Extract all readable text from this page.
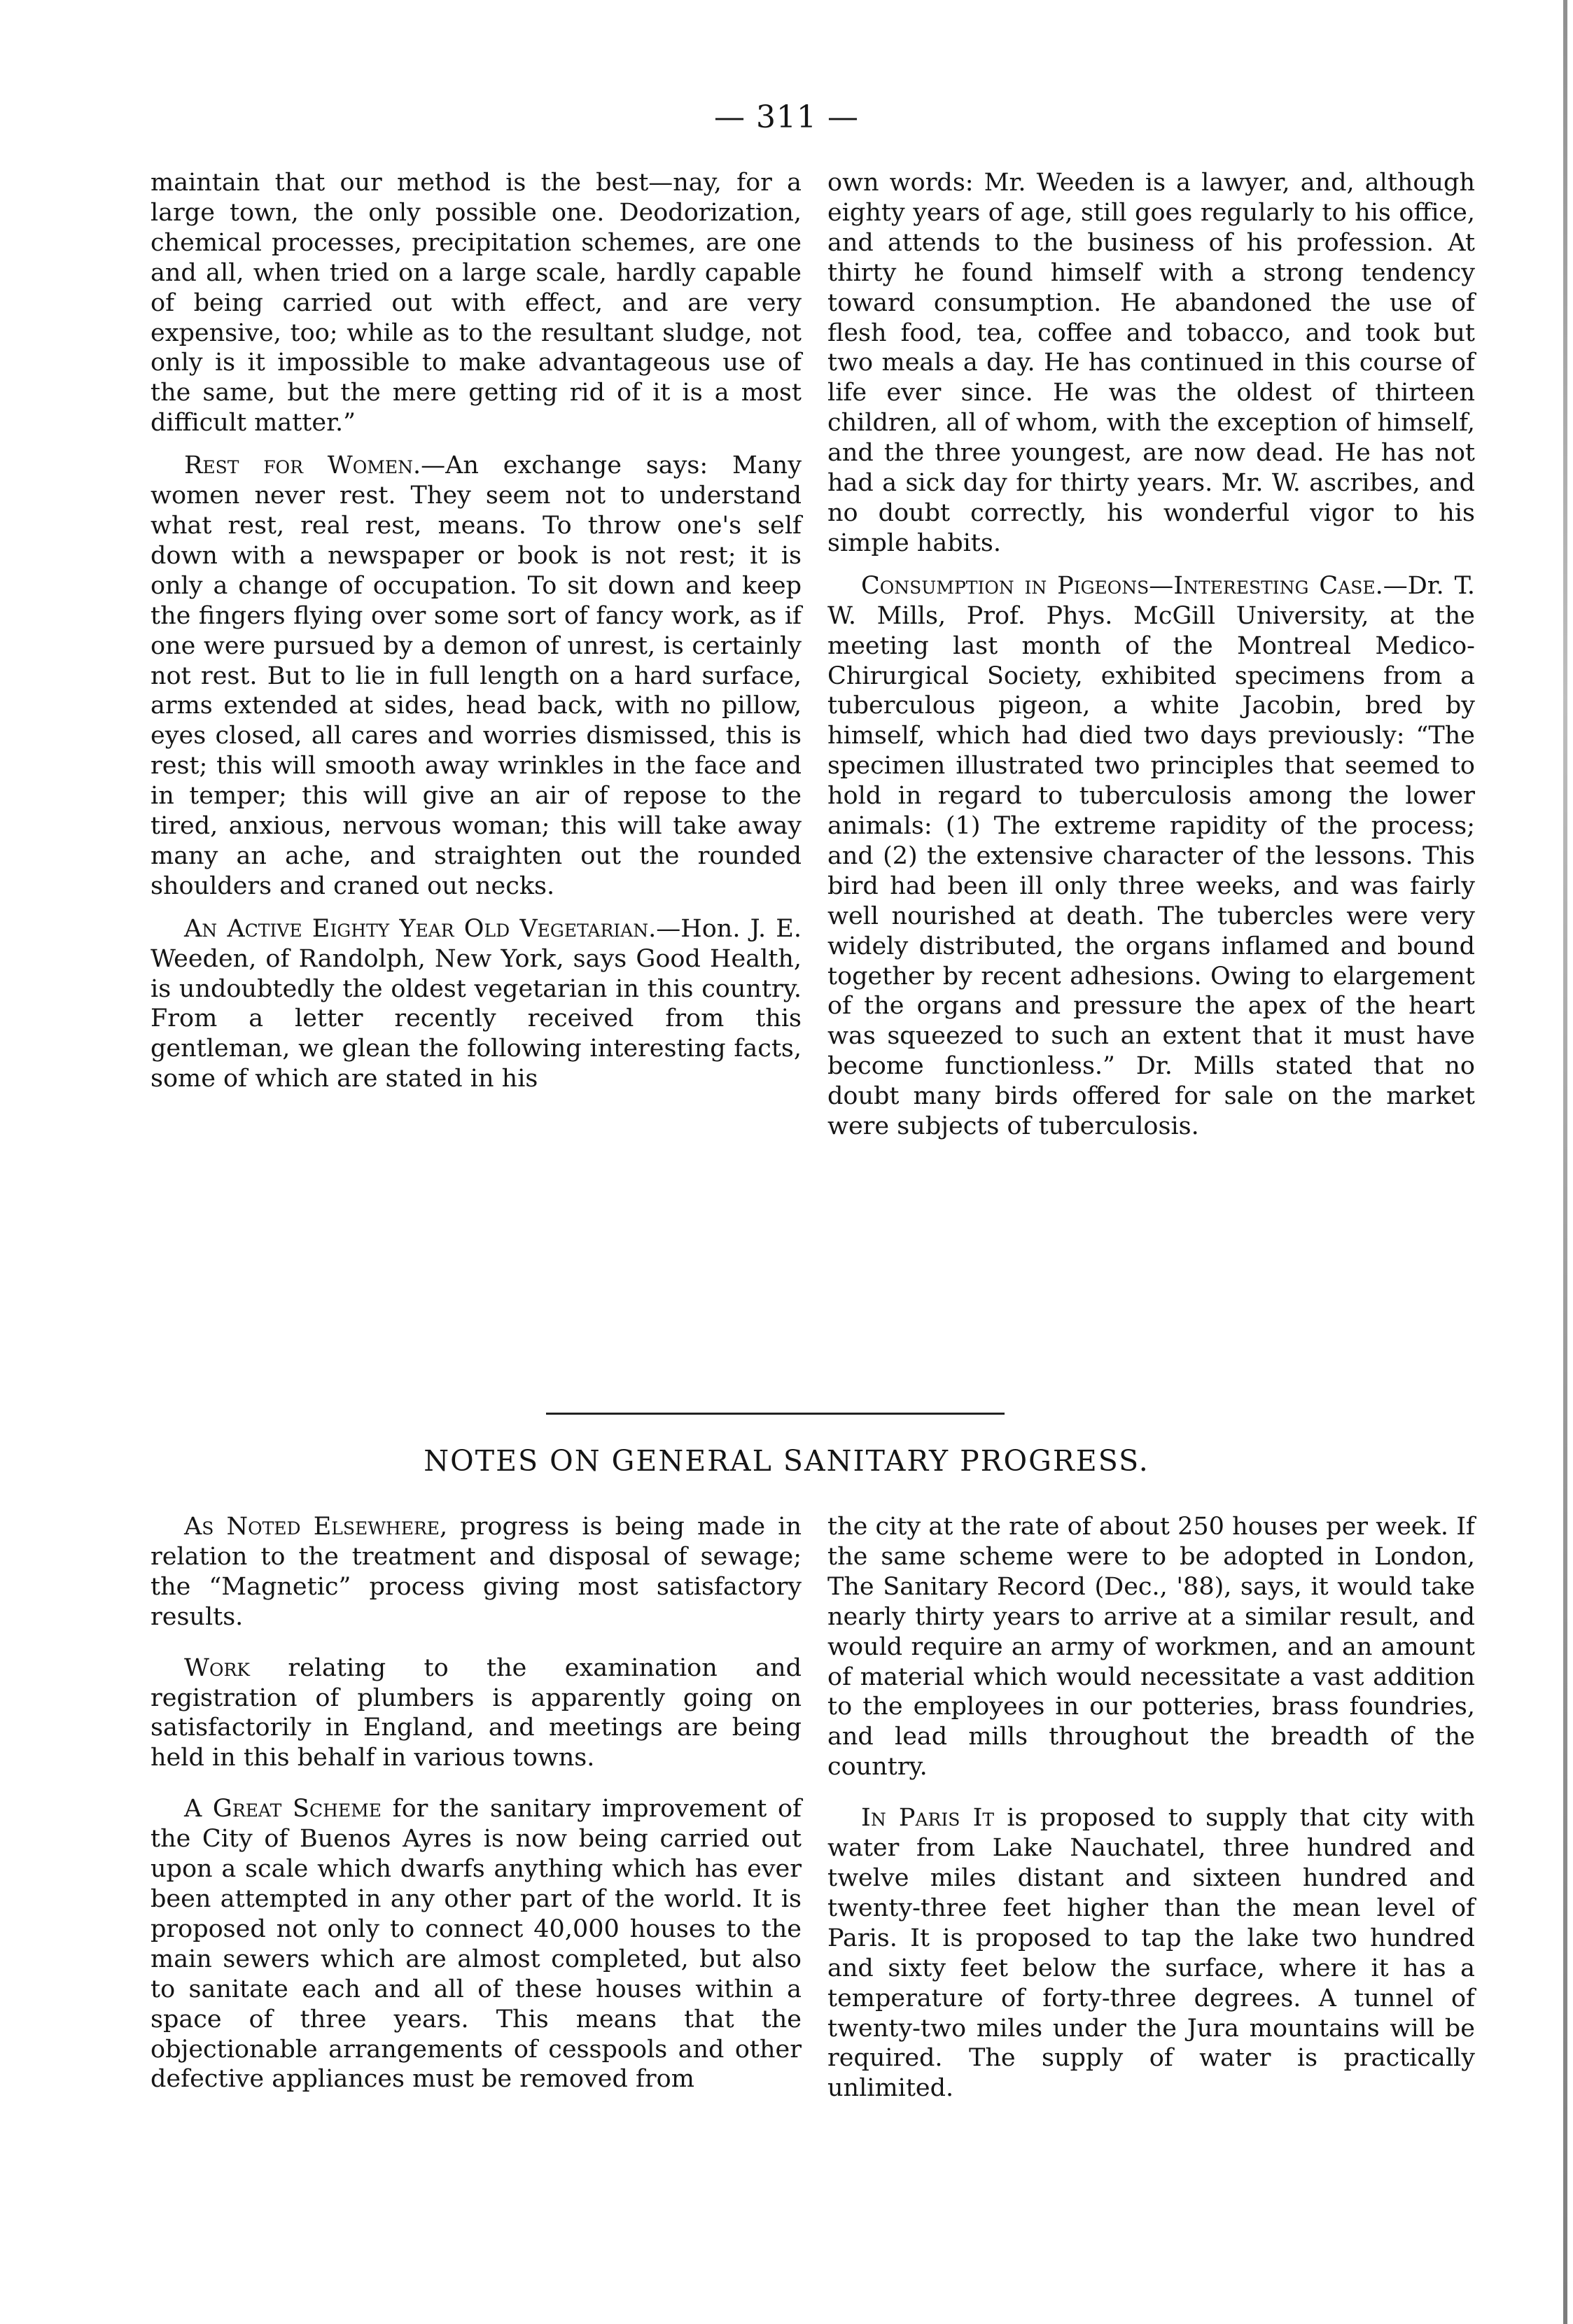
— 311 —

maintain that our method is the best—nay, for a large town, the only possible one. Deodorization, chemical processes, precipitation schemes, are one and all, when tried on a large scale, hardly capable of being carried out with effect, and are very expensive, too; while as to the resultant sludge, not only is it impossible to make advantageous use of the same, but the mere getting rid of it is a most difficult matter.”

Rest for Women.—An exchange says: Many women never rest. They seem not to understand what rest, real rest, means. To throw one's self down with a newspaper or book is not rest; it is only a change of occupation. To sit down and keep the fingers flying over some sort of fancy work, as if one were pursued by a demon of unrest, is certainly not rest. But to lie in full length on a hard surface, arms extended at sides, head back, with no pillow, eyes closed, all cares and worries dismissed, this is rest; this will smooth away wrinkles in the face and in temper; this will give an air of repose to the tired, anxious, nervous woman; this will take away many an ache, and straighten out the rounded shoulders and craned out necks.

An Active Eighty Year Old Vegetarian.—Hon. J. E. Weeden, of Randolph, New York, says Good Health, is undoubtedly the oldest vegetarian in this country. From a letter recently received from this gentleman, we glean the following interesting facts, some of which are stated in his

own words: Mr. Weeden is a lawyer, and, although eighty years of age, still goes regularly to his office, and attends to the business of his profession. At thirty he found himself with a strong tendency toward consumption. He abandoned the use of flesh food, tea, coffee and tobacco, and took but two meals a day. He has continued in this course of life ever since. He was the oldest of thirteen children, all of whom, with the exception of himself, and the three youngest, are now dead. He has not had a sick day for thirty years. Mr. W. ascribes, and no doubt correctly, his wonderful vigor to his simple habits.

Consumption in Pigeons—Interesting Case.—Dr. T. W. Mills, Prof. Phys. McGill University, at the meeting last month of the Montreal Medico-Chirurgical Society, exhibited specimens from a tuberculous pigeon, a white Jacobin, bred by himself, which had died two days previously: “The specimen illustrated two principles that seemed to hold in regard to tuberculosis among the lower animals: (1) The extreme rapidity of the process; and (2) the extensive character of the lessons. This bird had been ill only three weeks, and was fairly well nourished at death. The tubercles were very widely distributed, the organs inflamed and bound together by recent adhesions. Owing to elargement of the organs and pressure the apex of the heart was squeezed to such an extent that it must have become functionless.” Dr. Mills stated that no doubt many birds offered for sale on the market were subjects of tuberculosis.

NOTES ON GENERAL SANITARY PROGRESS.

As Noted Elsewhere, progress is being made in relation to the treatment and disposal of sewage; the “Magnetic” process giving most satisfactory results.

Work relating to the examination and registration of plumbers is apparently going on satisfactorily in England, and meetings are being held in this behalf in various towns.

A Great Scheme for the sanitary improvement of the City of Buenos Ayres is now being carried out upon a scale which dwarfs anything which has ever been attempted in any other part of the world. It is proposed not only to connect 40,000 houses to the main sewers which are almost completed, but also to sanitate each and all of these houses within a space of three years. This means that the objectionable arrangements of cesspools and other defective appliances must be removed from

the city at the rate of about 250 houses per week. If the same scheme were to be adopted in London, The Sanitary Record (Dec., '88), says, it would take nearly thirty years to arrive at a similar result, and would require an army of workmen, and an amount of material which would necessitate a vast addition to the employees in our potteries, brass foundries, and lead mills throughout the breadth of the country.

In Paris It is proposed to supply that city with water from Lake Nauchatel, three hundred and twelve miles distant and sixteen hundred and twenty-three feet higher than the mean level of Paris. It is proposed to tap the lake two hundred and sixty feet below the surface, where it has a temperature of forty-three degrees. A tunnel of twenty-two miles under the Jura mountains will be required. The supply of water is practically unlimited.
